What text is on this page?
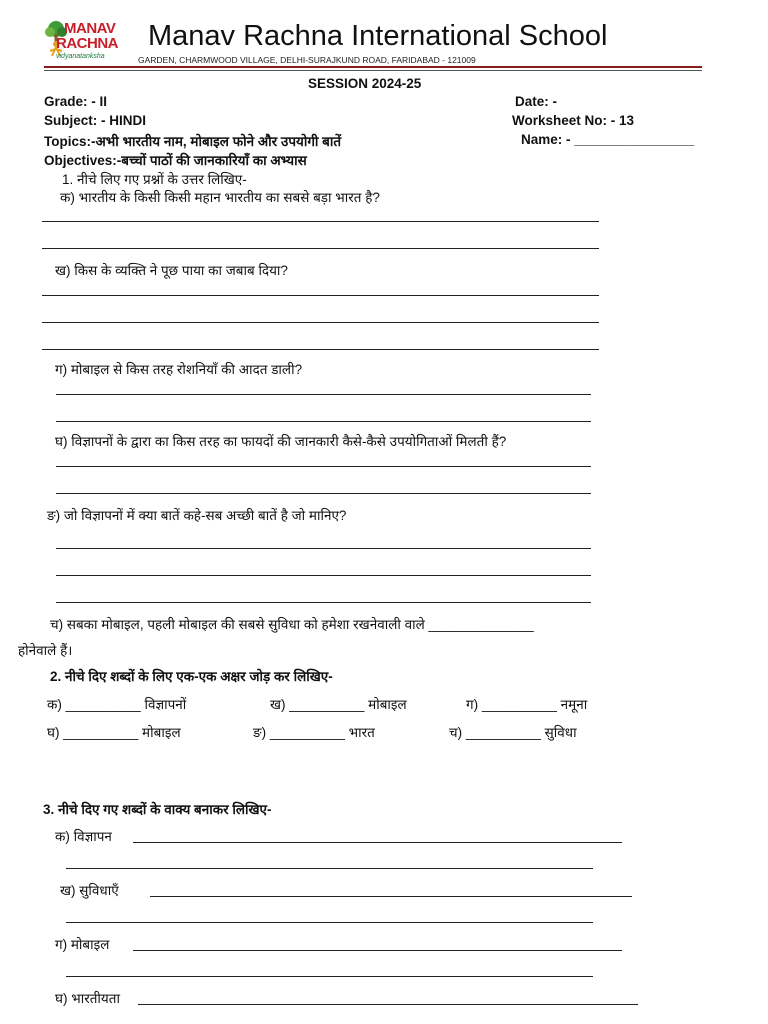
MANAV
RACHNA
vidyanatanksha
Manav Rachna International School
GARDEN, CHARMWOOD VILLAGE, DELHI-SURAJKUND ROAD, FARIDABAD - 121009
SESSION 2024-25
Grade: - II
Subject: - HINDI
Topics:-अभी भारतीय नाम, मोबाइल फोने और उपयोगी बातें
Objectives:-बच्चों पाठों की जानकारियाँ का अभ्यास
Date: -
Worksheet No: - 13
Name: - ________________
1. नीचे लिए गए प्रश्नों के उत्तर लिखिए-
क) भारतीय के किसी किसी महान भारतीय का सबसे बड़ा भारत है?
ख) किस के व्यक्ति ने पूछ पाया का जबाब दिया?
ग) मोबाइल से किस तरह रोशनियाँ की आदत डाली?
घ) विज्ञापनों के द्वारा का किस तरह का फायदों की जानकारी कैसे-कैसे उपयोगिताओं मिलती हैं?
ङ) जो विज्ञापनों में क्या बातें कहे-सब अच्छी बातें है जो मानिए?
च) सबका मोबाइल, पहली मोबाइल की सबसे सुविधा को हमेशा रखनेवाली वाले ______________
होनेवाले हैं।
2. नीचे दिए शब्दों के लिए एक-एक अक्षर जोड़ कर लिखिए-
क) __________ विज्ञापनों	ख) __________ मोबाइल	ग) __________ नमूना
घ) __________ मोबाइल	ङ) __________ भारत	च) __________ सुविधा
3. नीचे दिए गए शब्दों के वाक्य बनाकर लिखिए-
क) विज्ञापन
ख) सुविधाएँ
ग) मोबाइल
घ) भारतीयता
